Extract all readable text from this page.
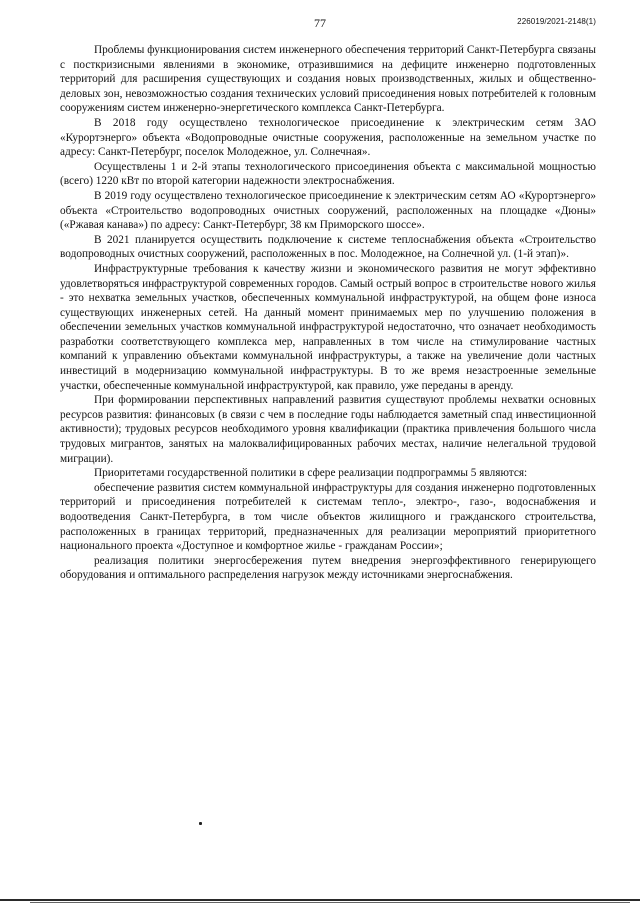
77	226019/2021-2148(1)

Проблемы функционирования систем инженерного обеспечения территорий Санкт-Петербурга связаны с посткризисными явлениями в экономике, отразившимися на дефиците инженерно подготовленных территорий для расширения существующих и создания новых производственных, жилых и общественно-деловых зон, невозможностью создания технических условий присоединения новых потребителей к головным сооружениям систем инженерно-энергетического комплекса Санкт-Петербурга.

В 2018 году осуществлено технологическое присоединение к электрическим сетям ЗАО «Курортэнерго» объекта «Водопроводные очистные сооружения, расположенные на земельном участке по адресу: Санкт-Петербург, поселок Молодежное, ул. Солнечная».

Осуществлены 1 и 2-й этапы технологического присоединения объекта с максимальной мощностью (всего) 1220 кВт по второй категории надежности электроснабжения.

В 2019 году осуществлено технологическое присоединение к электрическим сетям АО «Курортэнерго» объекта «Строительство водопроводных очистных сооружений, расположенных на площадке «Дюны» («Ржавая канава») по адресу: Санкт-Петербург, 38 км Приморского шоссе».

В 2021 планируется осуществить подключение к системе теплоснабжения объекта «Строительство водопроводных очистных сооружений, расположенных в пос. Молодежное, на Солнечной ул. (1-й этап)».

Инфраструктурные требования к качеству жизни и экономического развития не могут эффективно удовлетворяться инфраструктурой современных городов. Самый острый вопрос в строительстве нового жилья - это нехватка земельных участков, обеспеченных коммунальной инфраструктурой, на общем фоне износа существующих инженерных сетей. На данный момент принимаемых мер по улучшению положения в обеспечении земельных участков коммунальной инфраструктурой недостаточно, что означает необходимость разработки соответствующего комплекса мер, направленных в том числе на стимулирование частных компаний к управлению объектами коммунальной инфраструктуры, а также на увеличение доли частных инвестиций в модернизацию коммунальной инфраструктуры. В то же время незастроенные земельные участки, обеспеченные коммунальной инфраструктурой, как правило, уже переданы в аренду.

При формировании перспективных направлений развития существуют проблемы нехватки основных ресурсов развития: финансовых (в связи с чем в последние годы наблюдается заметный спад инвестиционной активности); трудовых ресурсов необходимого уровня квалификации (практика привлечения большого числа трудовых мигрантов, занятых на малоквалифицированных рабочих местах, наличие нелегальной трудовой миграции).

Приоритетами государственной политики в сфере реализации подпрограммы 5 являются:

обеспечение развития систем коммунальной инфраструктуры для создания инженерно подготовленных территорий и присоединения потребителей к системам тепло-, электро-, газо-, водоснабжения и водоотведения Санкт-Петербурга, в том числе объектов жилищного и гражданского строительства, расположенных в границах территорий, предназначенных для реализации мероприятий приоритетного национального проекта «Доступное и комфортное жилье - гражданам России»;

реализация политики энергосбережения путем внедрения энергоэффективного генерирующего оборудования и оптимального распределения нагрузок между источниками энергоснабжения.
